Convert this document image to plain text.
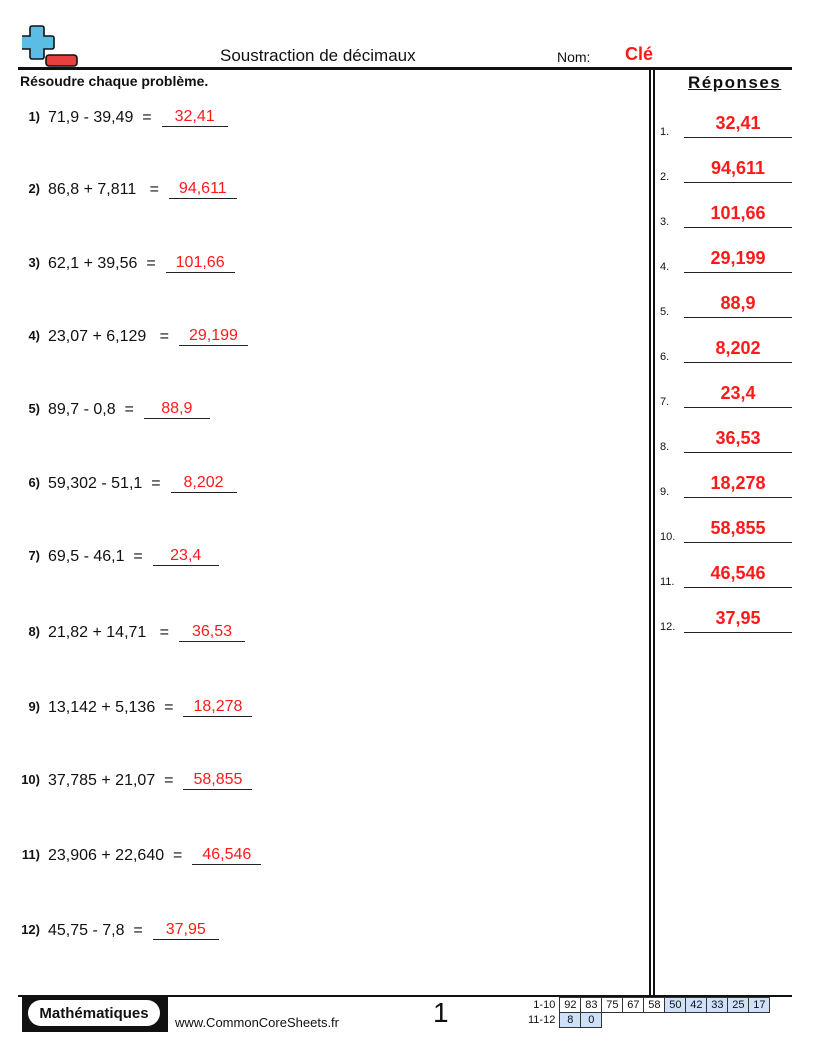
Soustraction de décimaux	Nom: Clé
Résoudre chaque problème.	Réponses
1) 71,9 - 39,49
=	32,41
2) 86,8 + 7,811
=	94,611
3) 62,1 + 39,56
=	101,66
4) 23,07 + 6,129
=	29,199
5) 89,7 - 0,8
=	88,9
6) 59,302 - 51,1
=	8,202
7) 69,5 - 46,1
=	23,4
8) 21,82 + 14,71
=	36,53
9) 13,142 + 5,136
=	18,278
10) 37,785 + 21,07
=	58,855
11) 23,906 + 22,640
=	46,546
12) 45,75 - 7,8
=	37,95
1.	32,41
2.	94,611
3.	101,66
4.	29,199
5.	88,9
6.	8,202
7.	23,4
8.	36,53
9.	18,278
10.	58,855
11.	46,546
12.	37,95
Mathématiques
www.CommonCoreSheets.fr	1	1-10	92	83	75	67	58	50	42	33	25	17
11-12	8	0								
